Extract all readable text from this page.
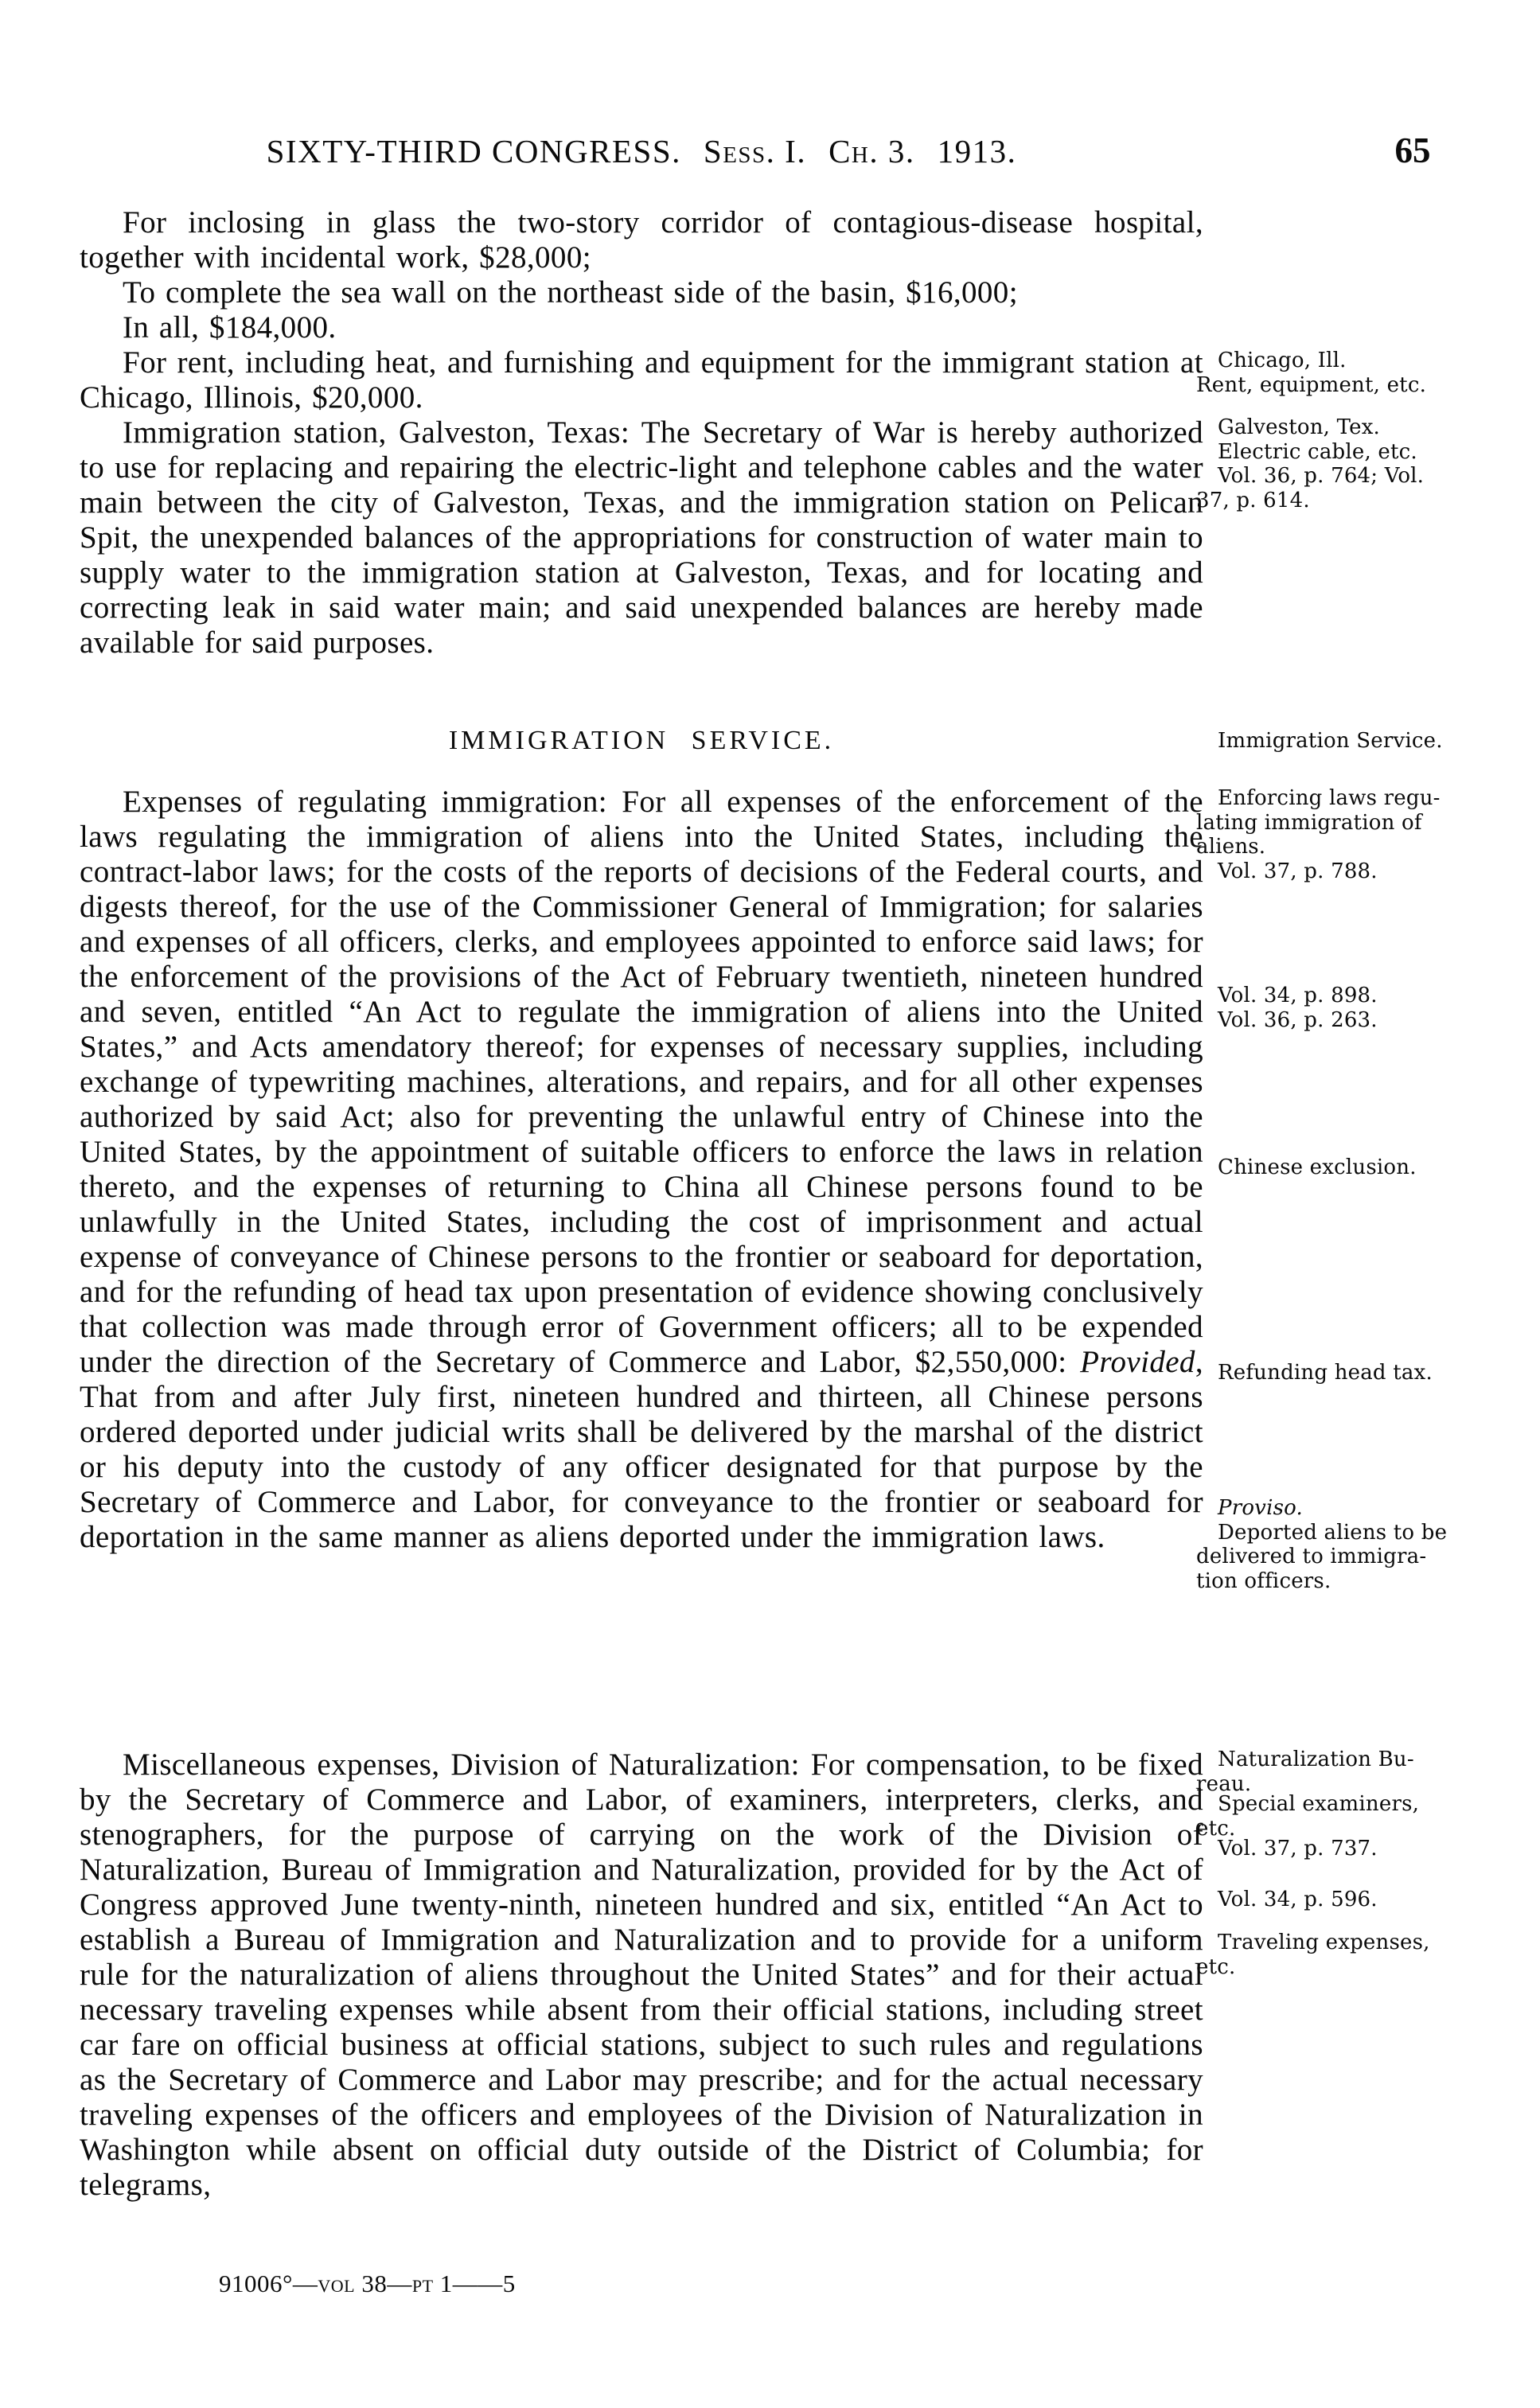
SIXTY-THIRD CONGRESS. Sess. I. Ch. 3. 1913.	65

For inclosing in glass the two-story corridor of contagious-disease hospital, together with incidental work, $28,000;

To complete the sea wall on the northeast side of the basin, $16,000;

In all, $184,000.

For rent, including heat, and furnishing and equipment for the immigrant station at Chicago, Illinois, $20,000.

Immigration station, Galveston, Texas: The Secretary of War is hereby authorized to use for replacing and repairing the electric-light and telephone cables and the water main between the city of Galveston, Texas, and the immigration station on Pelican Spit, the unexpended balances of the appropriations for construction of water main to supply water to the immigration station at Galveston, Texas, and for locating and correcting leak in said water main; and said unexpended balances are hereby made available for said purposes.

IMMIGRATION SERVICE.

Expenses of regulating immigration: For all expenses of the enforcement of the laws regulating the immigration of aliens into the United States, including the contract-labor laws; for the costs of the reports of decisions of the Federal courts, and digests thereof, for the use of the Commissioner General of Immigration; for salaries and expenses of all officers, clerks, and employees appointed to enforce said laws; for the enforcement of the provisions of the Act of February twentieth, nineteen hundred and seven, entitled “An Act to regulate the immigration of aliens into the United States,” and Acts amendatory thereof; for expenses of necessary supplies, including exchange of typewriting machines, alterations, and repairs, and for all other expenses authorized by said Act; also for preventing the unlawful entry of Chinese into the United States, by the appointment of suitable officers to enforce the laws in relation thereto, and the expenses of returning to China all Chinese persons found to be unlawfully in the United States, including the cost of imprisonment and actual expense of conveyance of Chinese persons to the frontier or seaboard for deportation, and for the refunding of head tax upon presentation of evidence showing conclusively that collection was made through error of Government officers; all to be expended under the direction of the Secretary of Commerce and Labor, $2,550,000: Provided, That from and after July first, nineteen hundred and thirteen, all Chinese persons ordered deported under judicial writs shall be delivered by the marshal of the district or his deputy into the custody of any officer designated for that purpose by the Secretary of Commerce and Labor, for conveyance to the frontier or seaboard for deportation in the same manner as aliens deported under the immigration laws.

Miscellaneous expenses, Division of Naturalization: For compensation, to be fixed by the Secretary of Commerce and Labor, of examiners, interpreters, clerks, and stenographers, for the purpose of carrying on the work of the Division of Naturalization, Bureau of Immigration and Naturalization, provided for by the Act of Congress approved June twenty-ninth, nineteen hundred and six, entitled “An Act to establish a Bureau of Immigration and Naturalization and to provide for a uniform rule for the naturalization of aliens throughout the United States” and for their actual necessary traveling expenses while absent from their official stations, including street car fare on official business at official stations, subject to such rules and regulations as the Secretary of Commerce and Labor may prescribe; and for the actual necessary traveling expenses of the officers and employees of the Division of Naturalization in Washington while absent on official duty outside of the District of Columbia; for telegrams,

Chicago, Ill.
Rent, equipment, etc.
Galveston, Tex.
Electric cable, etc.
Vol. 36, p. 764; Vol.
37, p. 614.
Immigration Service.
Enforcing laws regu-
lating immigration of
aliens.
Vol. 37, p. 788.
Vol. 34, p. 898.
Vol. 36, p. 263.
Chinese exclusion.
Refunding head tax.
Proviso.
Deported aliens to be
delivered to immigra-
tion officers.
Naturalization Bu-
reau.
Special examiners,
etc.
Vol. 37, p. 737.
Vol. 34, p. 596.
Traveling expenses,
etc.
91006°—vol 38—pt 1——5
